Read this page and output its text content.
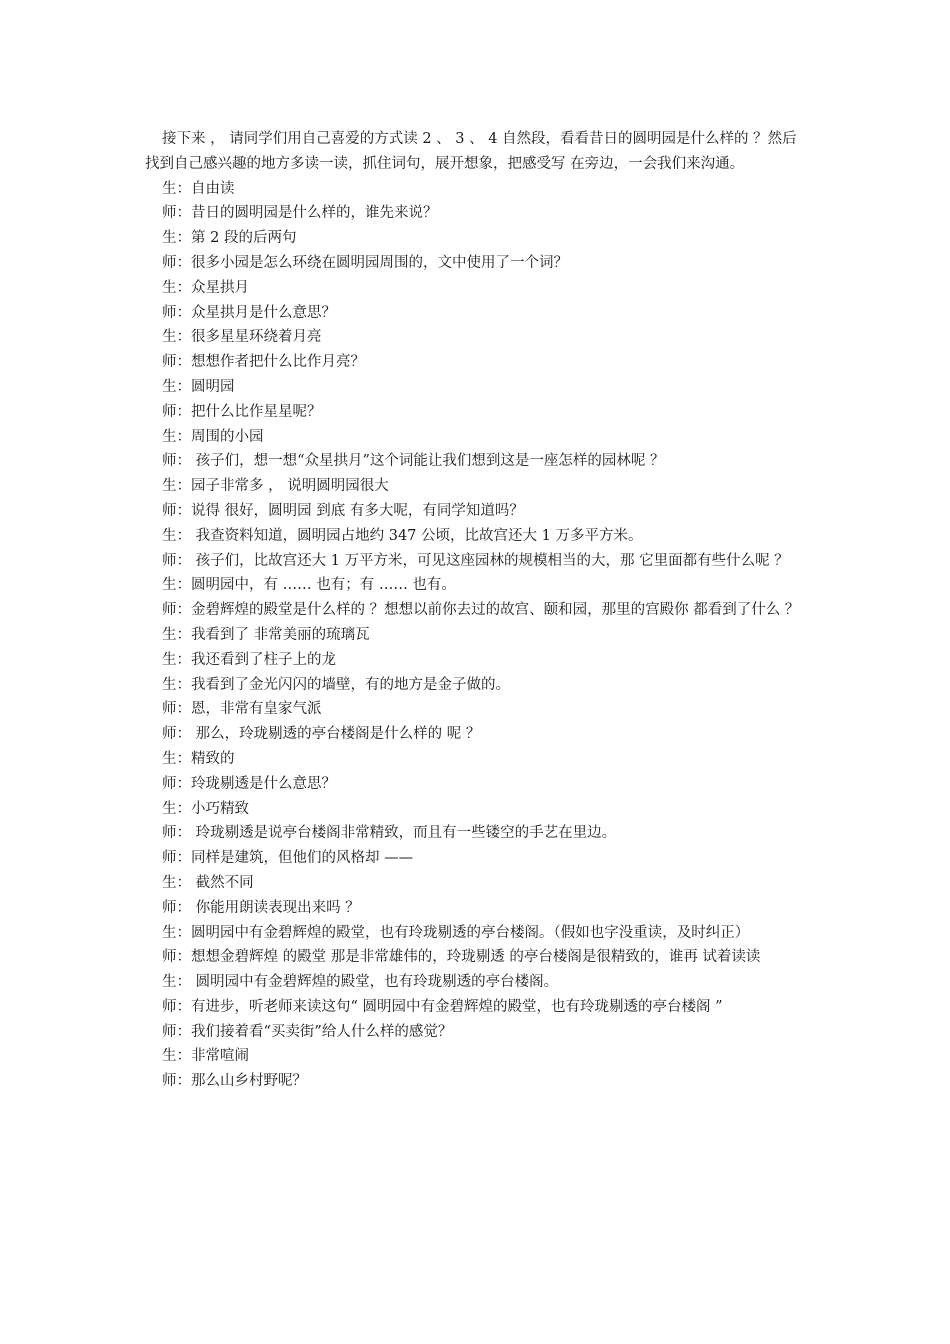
接下来 ， 请同学们用自己喜爱的方式读 2 、 3 、 4 自然段，看看昔日的圆明园是什么样的 ？然后找到自己感兴趣的地方多读一读，抓住词句，展开想象，把感受写 在旁边，一会我们来沟通。

生：自由读

师：昔日的圆明园是什么样的，谁先来说？

生：第 2 段的后两句

师：很多小园是怎么环绕在圆明园周围的，文中使用了一个词？

生：众星拱月

师：众星拱月是什么意思？

生：很多星星环绕着月亮

师：想想作者把什么比作月亮？

生：圆明园

师：把什么比作星星呢？

生：周围的小园

师： 孩子们，想一想“众星拱月”这个词能让我们想到这是一座怎样的园林呢 ？

生：园子非常多 ， 说明圆明园很大

师：说得 很好，圆明园 到底 有多大呢，有同学知道吗？

生： 我查资料知道，圆明园占地约 347 公顷，比故宫还大 1 万多平方米。

师： 孩子们，比故宫还大 1 万平方米，可见这座园林的规模相当的大，那 它里面都有些什么呢 ？

生：圆明园中，有 …… 也有；有 …… 也有。

师：金碧辉煌的殿堂是什么样的 ？想想以前你去过的故宫、颐和园，那里的宫殿你 都看到了什么 ？

生：我看到了 非常美丽的琉璃瓦

生：我还看到了柱子上的龙

生：我看到了金光闪闪的墙壁，有的地方是金子做的。

师：恩，非常有皇家气派

师： 那么，玲珑剔透的亭台楼阁是什么样的 呢 ？

生：精致的

师：玲珑剔透是什么意思？

生：小巧精致

师： 玲珑剔透是说亭台楼阁非常精致，而且有一些镂空的手艺在里边。

师：同样是建筑，但他们的风格却 ——

生： 截然不同

师： 你能用朗读表现出来吗 ？

生：圆明园中有金碧辉煌的殿堂，也有玲珑剔透的亭台楼阁。（假如也字没重读，及时纠正）

师：想想金碧辉煌 的殿堂 那是非常雄伟的，玲珑剔透 的亭台楼阁是很精致的，谁再 试着读读

生： 圆明园中有金碧辉煌的殿堂，也有玲珑剔透的亭台楼阁。

师：有进步，听老师来读这句“ 圆明园中有金碧辉煌的殿堂，也有玲珑剔透的亭台楼阁 ”

师：我们接着看“买卖街”给人什么样的感觉？

生：非常喧闹

师：那么山乡村野呢？
